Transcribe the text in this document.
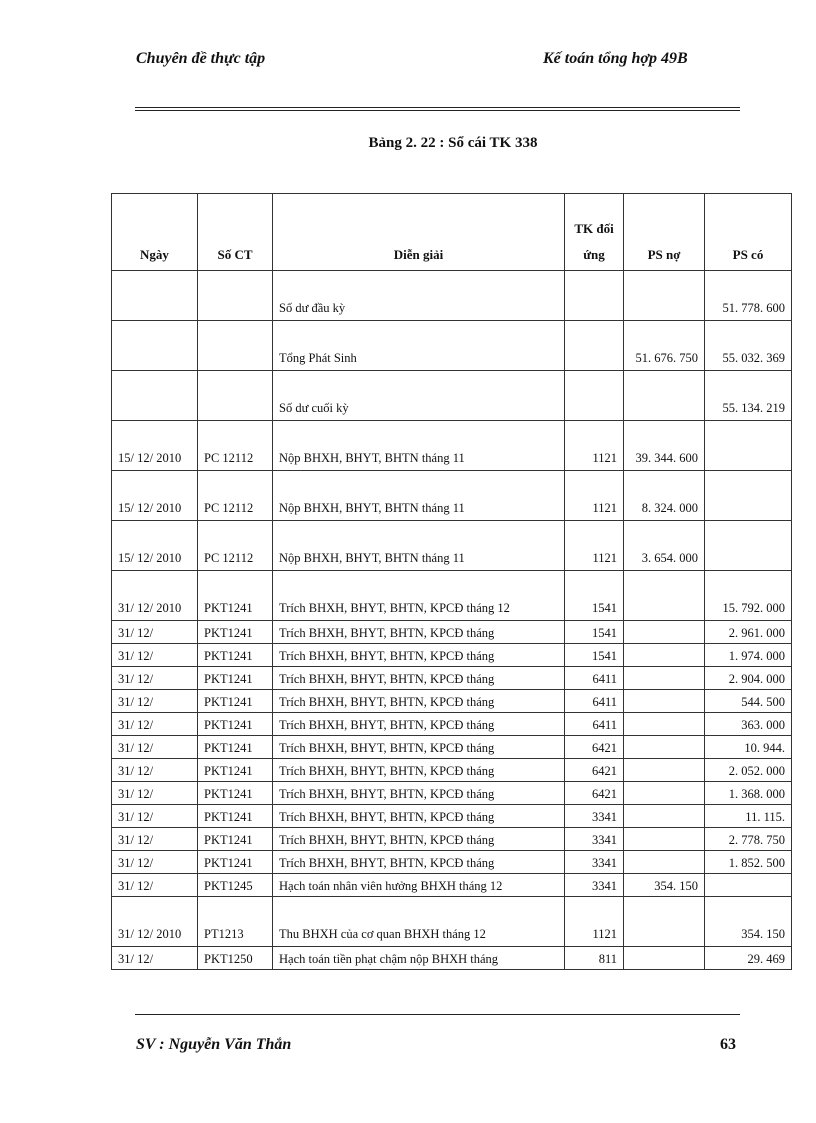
Chuyên đề thực tập	Kế toán tổng hợp 49B
Bảng 2. 22 : Sổ cái TK 338
Ngày	Số CT	Diễn giải	TK đối ứng	PS nợ	PS có
		Số dư đầu kỳ			51. 778. 600
		Tổng Phát Sinh		51. 676. 750	55. 032. 369
		Số dư cuối kỳ			55. 134. 219
15/ 12/ 2010	PC 12112	Nộp BHXH, BHYT, BHTN tháng 11	1121	39. 344. 600	
15/ 12/ 2010	PC 12112	Nộp BHXH, BHYT, BHTN tháng 11	1121	8. 324. 000	
15/ 12/ 2010	PC 12112	Nộp BHXH, BHYT, BHTN tháng 11	1121	3. 654. 000	
31/ 12/ 2010	PKT1241	Trích BHXH, BHYT, BHTN, KPCĐ tháng 12	1541		15. 792. 000
31/ 12/	PKT1241	Trích BHXH, BHYT, BHTN, KPCĐ tháng	1541		2. 961. 000
31/ 12/	PKT1241	Trích BHXH, BHYT, BHTN, KPCĐ tháng	1541		1. 974. 000
31/ 12/	PKT1241	Trích BHXH, BHYT, BHTN, KPCĐ tháng	6411		2. 904. 000
31/ 12/	PKT1241	Trích BHXH, BHYT, BHTN, KPCĐ tháng	6411		544. 500
31/ 12/	PKT1241	Trích BHXH, BHYT, BHTN, KPCĐ tháng	6411		363. 000
31/ 12/	PKT1241	Trích BHXH, BHYT, BHTN, KPCĐ tháng	6421		10. 944.
31/ 12/	PKT1241	Trích BHXH, BHYT, BHTN, KPCĐ tháng	6421		2. 052. 000
31/ 12/	PKT1241	Trích BHXH, BHYT, BHTN, KPCĐ tháng	6421		1. 368. 000
31/ 12/	PKT1241	Trích BHXH, BHYT, BHTN, KPCĐ tháng	3341		11. 115.
31/ 12/	PKT1241	Trích BHXH, BHYT, BHTN, KPCĐ tháng	3341		2. 778. 750
31/ 12/	PKT1241	Trích BHXH, BHYT, BHTN, KPCĐ tháng	3341		1. 852. 500
31/ 12/	PKT1245	Hạch toán nhân viên hưởng BHXH tháng 12	3341	354. 150	
31/ 12/ 2010	PT1213	Thu BHXH của cơ quan BHXH tháng 12	1121		354. 150
31/ 12/	PKT1250	Hạch toán tiền phạt chậm nộp BHXH tháng	811		29. 469
SV : Nguyễn Văn Thắn	63
